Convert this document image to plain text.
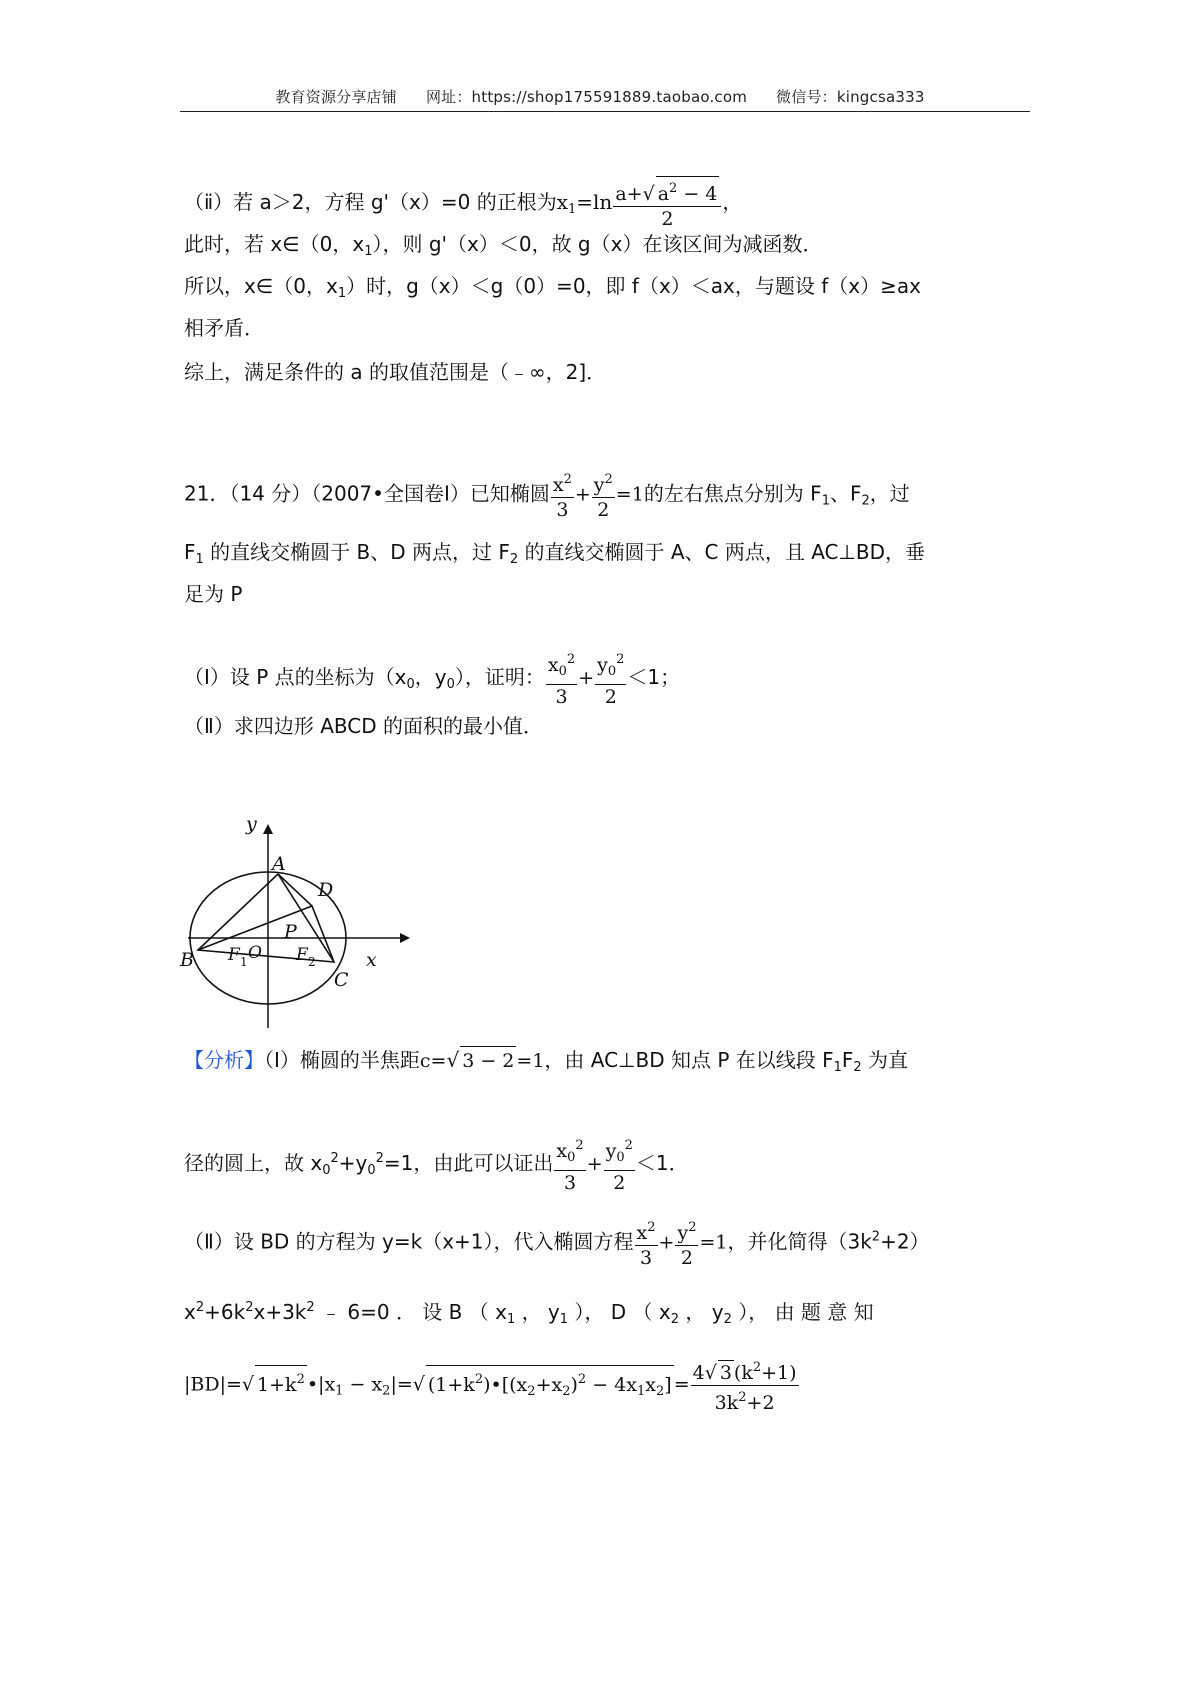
教育资源分享店铺 网址：https://shop175591889.taobao.com 微信号：kingcsa333
（ⅱ）若 a＞2，方程 g'（x）=0 的正根为$x_1=\ln \frac{a+√ a^2 - 4}{2}$ ，
此时，若 x∈（0，$x_1$），则 g'（x）＜0，故 g（x）在该区间为减函数．
所以，x∈（0，$x_1$）时，g（x）＜g（0）=0，即 f（x）＜ax，与题设 f（x）≥ax
相矛盾．
综上，满足条件的 a 的取值范围是（﹣∞，2]．
21．（14 分）（2007•全国卷Ⅰ）已知椭圆 $\frac{x^2}{3} + \frac{y^2}{2} =1$的左右焦点分别为 $F_1$、$F_2$，过
$F_1$ 的直线交椭圆于 B、D 两点，过 $F_2$ 的直线交椭圆于 A、C 两点，且 AC⊥BD，垂
足为 P
（Ⅰ）设 P 点的坐标为（$x_0$，$y_0$），证明： $\frac{x_0^2}{3} + \frac{y_0^2}{2} <1$；
（Ⅱ）求四边形 ABCD 的面积的最小值．
y
x
A
D
P
B
C
O
F 1	F 2
【分析】（Ⅰ）椭圆的半焦距c=√ 3 − 2 =1，由 AC⊥BD 知点 P 在以线段 $F_1F_2$ 为直
径的圆上，故 $x_0^2+y_0^2=1$，由此可以证出 $\frac{x_0^2}{3} + \frac{y_0^2}{2} <1$．
（Ⅱ）设 BD 的方程为 y=k（x+1），代入椭圆方程 $\frac{x^2}{3} + \frac{y^2}{2} =1$，并化简得$(3k^2+2)$
$x^2+6k^2x+3k^2$ ﹣ 6=0 ． 设 B （ $x_1$ ， $y_1$ ）， D （ $x_2$ ， $y_2$ ）， 由 题 意 知
|BD|=√ $1+k^2$ $•|x_1 - x_2|=√$ $(1+k^2)•[(x_2+x_2)^2 - 4x_1x_2] = \frac{4√ 3 (k^2+1)}{3k^2+2}$
